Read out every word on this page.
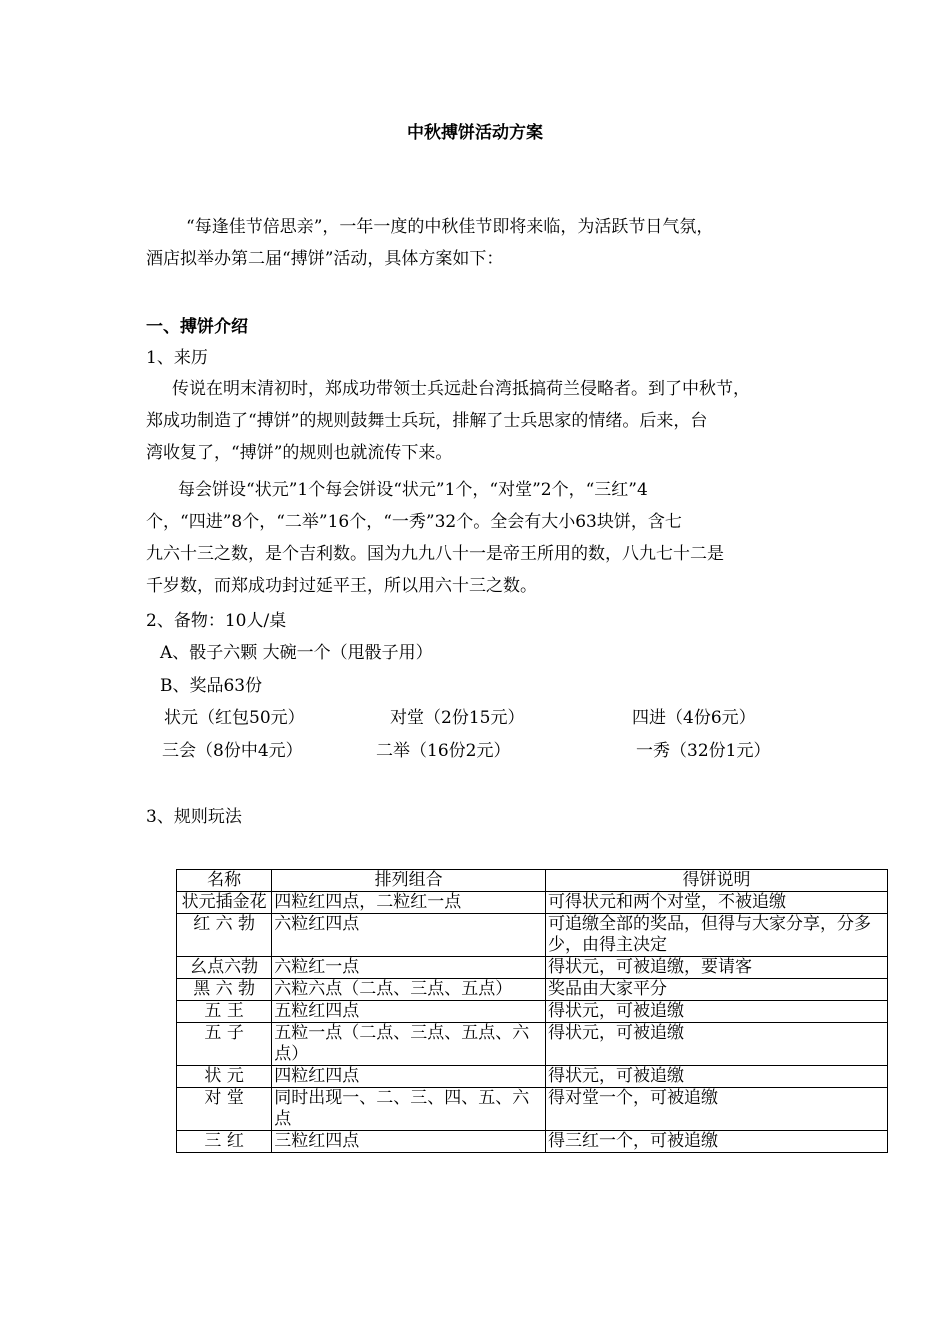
中秋搏饼活动方案
“每逢佳节倍思亲”，一年一度的中秋佳节即将来临，为活跃节日气氛，
酒店拟举办第二届“搏饼”活动，具体方案如下：
一、搏饼介绍
1、来历
传说在明末清初时，郑成功带领士兵远赴台湾抵搞荷兰侵略者。到了中秋节，
郑成功制造了“搏饼”的规则鼓舞士兵玩，排解了士兵思家的情绪。后来，台
湾收复了，“搏饼”的规则也就流传下来。
每会饼设“状元”1个每会饼设“状元”1个，“对堂”2个，“三红”4
个，“四进”8个，“二举”16个，“一秀”32个。全会有大小63块饼，含七
九六十三之数，是个吉利数。国为九九八十一是帝王所用的数，八九七十二是
千岁数，而郑成功封过延平王，所以用六十三之数。
2、备物：10人/桌
A、骰子六颗 大碗一个（甩骰子用）
B、奖品63份
状元（红包50元）	对堂（2份15元）	四进（4份6元）
三会（8份中4元）	二举（16份2元）	一秀（32份1元）
3、规则玩法
名称	排列组合	得饼说明
状元插金花	四粒红四点，二粒红一点	可得状元和两个对堂，不被追缴
红 六 勃	六粒红四点	可追缴全部的奖品，但得与大家分享，分多少，由得主决定
幺点六勃	六粒红一点	得状元，可被追缴，要请客
黑 六 勃	六粒六点（二点、三点、五点）	奖品由大家平分
五 王	五粒红四点	得状元，可被追缴
五 子	五粒一点（二点、三点、五点、六点）	得状元，可被追缴
状 元	四粒红四点	得状元，可被追缴
对 堂	同时出现一、二、三、四、五、六点	得对堂一个，可被追缴
三 红	三粒红四点	得三红一个，可被追缴
